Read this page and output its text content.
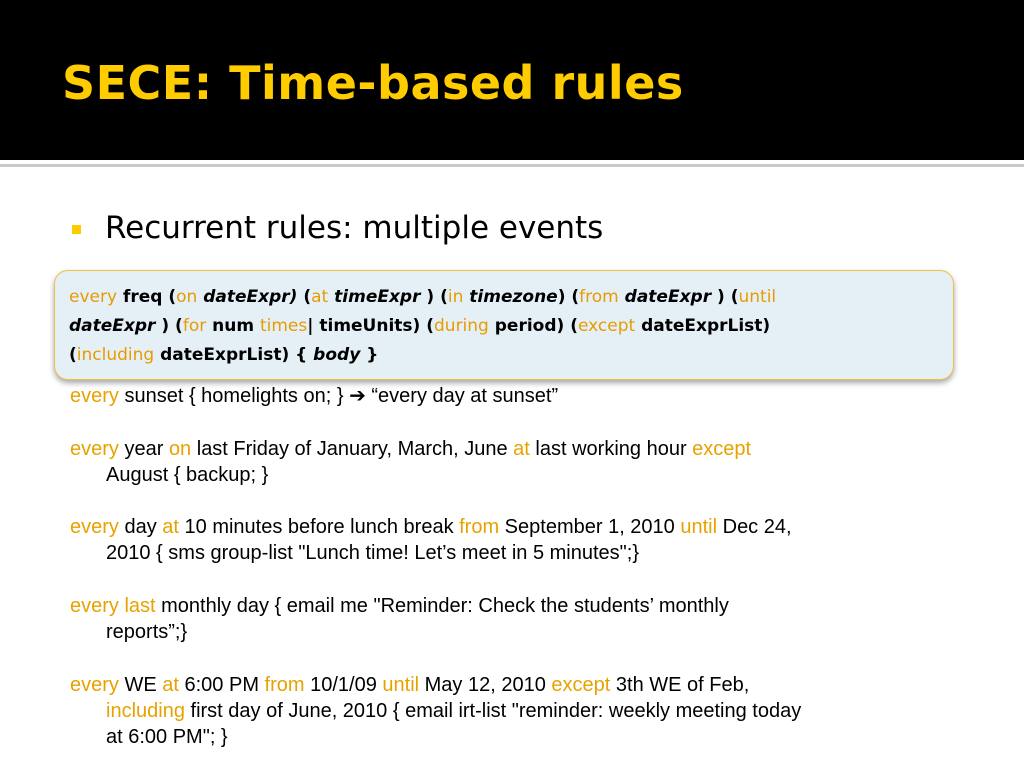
SECE: Time-based rules
Recurrent rules: multiple events

every freq (on dateExpr) (at timeExpr ) (in timezone) (from dateExpr ) (until

dateExpr ) (for num times| timeUnits) (during period) (except dateExprList)

(including dateExprList) { body }

every sunset { homelights on; } ➔ “every day at sunset”

every year on last Friday of January, March, June at last working hour except

August { backup; }

every day at 10 minutes before lunch break from September 1, 2010 until Dec 24,

2010 { sms group-list "Lunch time! Let’s meet in 5 minutes";}

every last monthly day { email me "Reminder: Check the students’ monthly

reports”;}

every WE at 6:00 PM from 10/1/09 until May 12, 2010 except 3th WE of Feb,

including first day of June, 2010 { email irt-list "reminder: weekly meeting today

at 6:00 PM"; }
